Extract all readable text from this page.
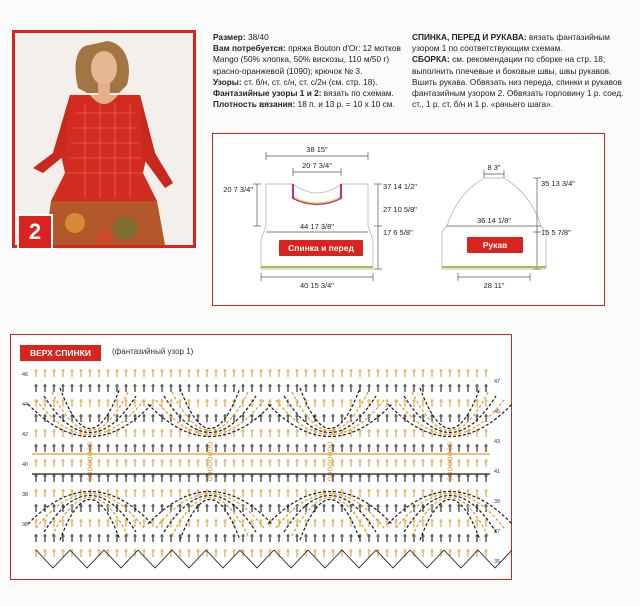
2

Размер: 38/40

Вам потребуется: пряжа Bouton d'Or: 12 мотков Mango (50% хлопка, 50% вискозы, 110 м/50 г) красно-оранжевой (1090); крючок № 3.

Узоры: ст. б/н, ст. с/н, ст. с/2н (см. стр. 18).

Фантазийные узоры 1 и 2: вязать по схемам.

Плотность вязания: 18 п. и 13 р. = 10 x 10 см.

СПИНКА, ПЕРЕД И РУКАВА: вязать фантазийным узором 1 по соответствующим схемам.

СБОРКА: см. рекомендации по сборке на стр. 18; выполнить плечевые и боковые швы, швы рукавов. Вшить рукава. Обвязать низ переда, спинки и рукавов фантазийным узором 2. Обвязать горловину 1 р. соед. ст., 1 р. ст. б/н и 1 р. «рачьего шага».

38 15"
20 7 3/4"
20 7 3/4"	37 14 1/2"
27 10 5/8"
17 6 5/8"
44 17 3/8"
40 15 3/4"
8 3"
35 13 3/4"
36 14 1/8"
15 5 7/8"
28 11"
Спинка и перед	Рукав
ВЕРХ СПИНКИ	(фантазийный узор 1)
46
44
42
40
38
36
47
45
43
41
39
37
35
